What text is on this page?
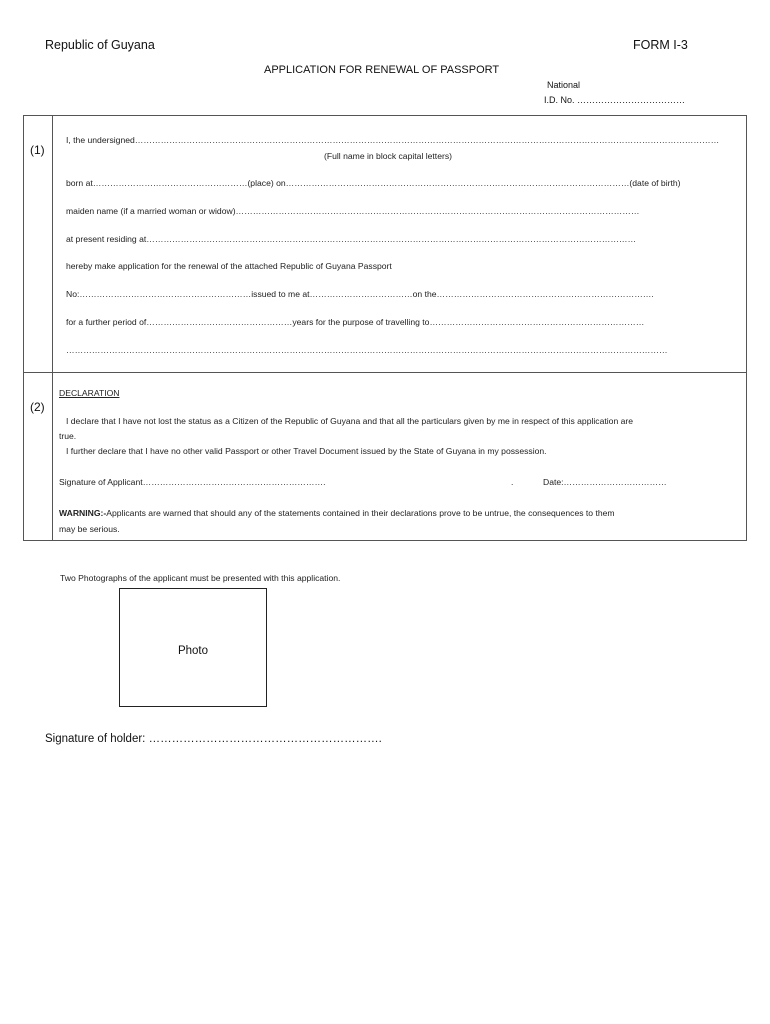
Republic of Guyana	FORM I-3
APPLICATION FOR RENEWAL OF PASSPORT
National
I.D. No. ………………………………
(1)
I, the undersigned……………………………………………………………………………………………………………………………………………………………………………………
(Full name in block capital letters)
born at………………………………………………(place) on…………………………………………………………………………………………………………(date of birth)
maiden name (if a married woman or widow)……………………………………………………………………………………………………………………………
at present residing at………………………………………………………………………………………………………………………………………………………
hereby make application for the renewal of the attached Republic of Guyana Passport
No:……………………………………………………issued to me at………………………………on the………………………………………………………………….
for a further period of……………………………………………years for the purpose of travelling to…………………………………………………………………
…………………………………………………………………………………………………………………………………………………………………………………………
(2)
DECLARATION
I declare that I have not lost the status as a Citizen of the Republic of Guyana and that all the particulars given by me in respect of this application are
true.
I further declare that I have no other valid Passport or other Travel Document issued by the State of Guyana in my possession.
Signature of Applicant……………………………………………………….	.	Date:………………………………
WARNING:-Applicants are warned that should any of the statements contained in their declarations prove to be untrue, the consequences to them
may be serious.
Two Photographs of the applicant must be presented with this application.
Photo
Signature of holder: …………………………………………………….
